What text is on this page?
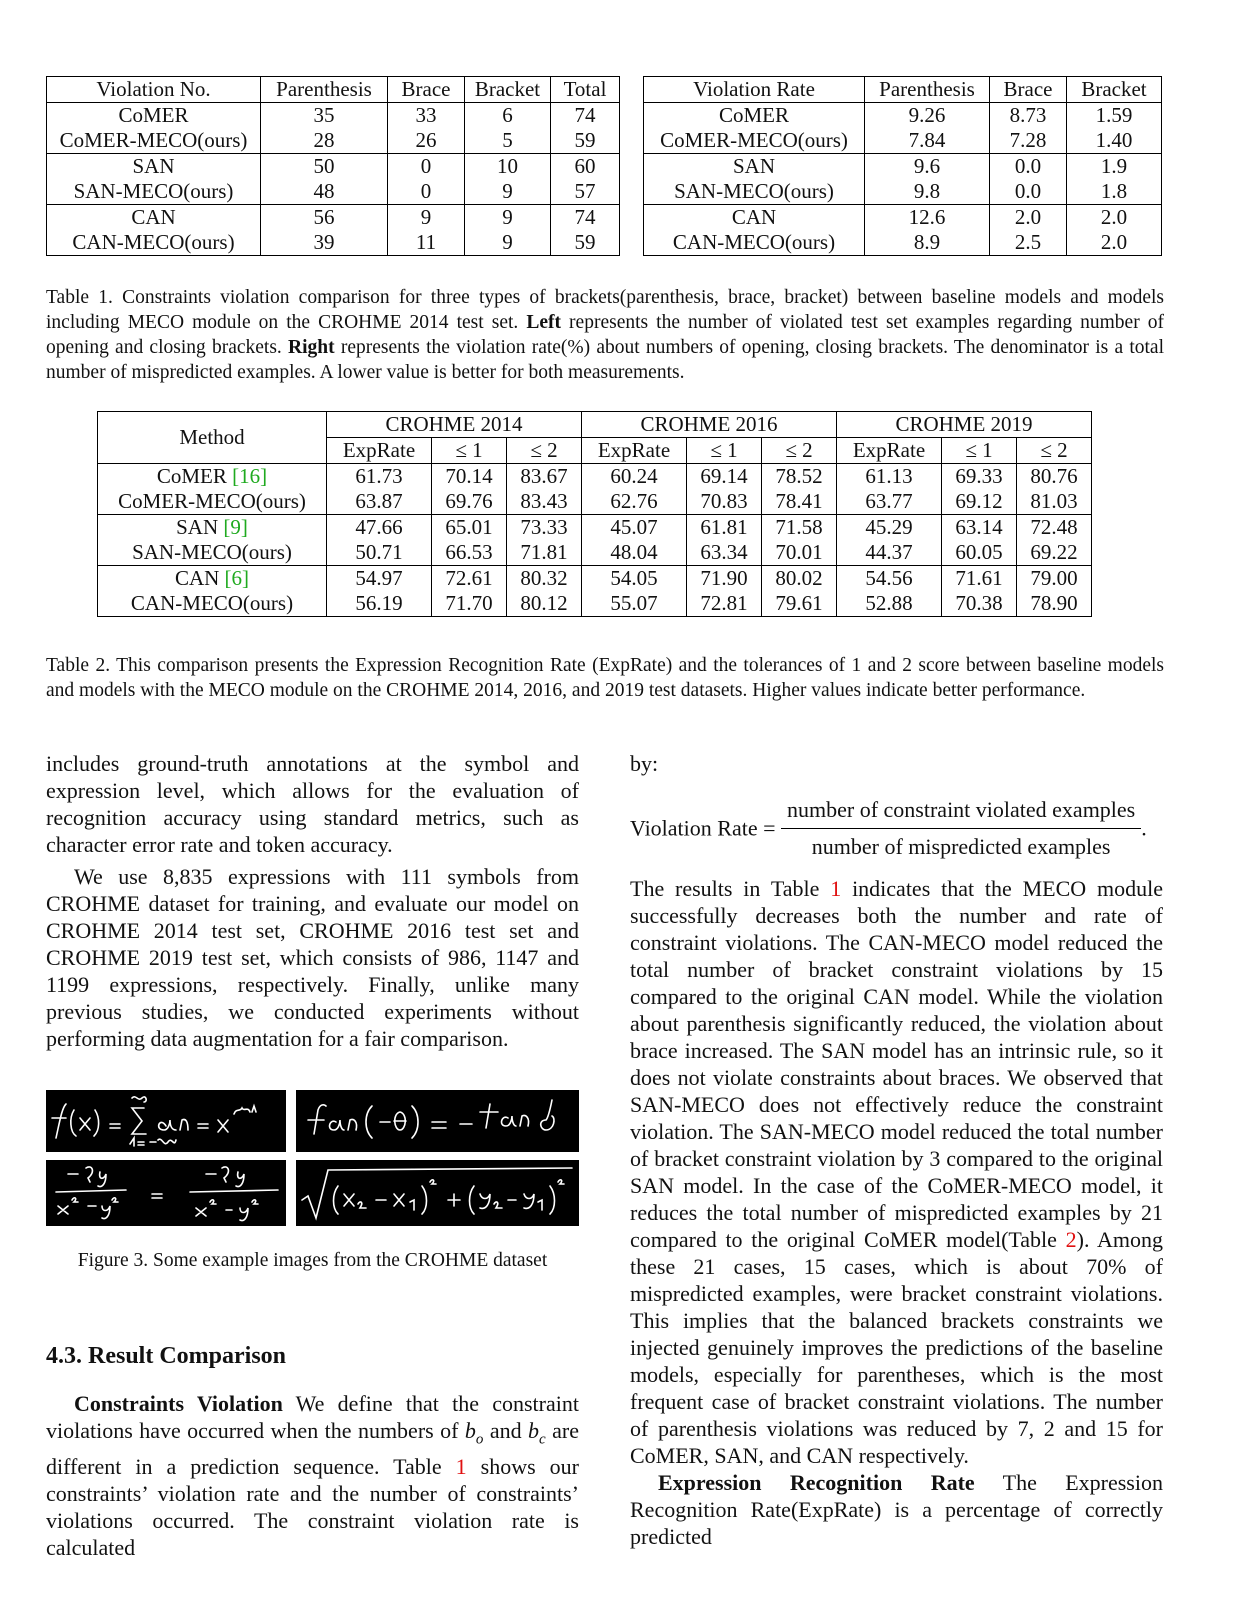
Violation No.	Parenthesis	Brace	Bracket	Total
CoMER	35	33	6	74
CoMER-MECO(ours)	28	26	5	59
SAN	50	0	10	60
SAN-MECO(ours)	48	0	9	57
CAN	56	9	9	74
CAN-MECO(ours)	39	11	9	59
Violation Rate	Parenthesis	Brace	Bracket
CoMER	9.26	8.73	1.59
CoMER-MECO(ours)	7.84	7.28	1.40
SAN	9.6	0.0	1.9
SAN-MECO(ours)	9.8	0.0	1.8
CAN	12.6	2.0	2.0
CAN-MECO(ours)	8.9	2.5	2.0
Table 1. Constraints violation comparison for three types of brackets(parenthesis, brace, bracket) between baseline models and models including MECO module on the CROHME 2014 test set. Left represents the number of violated test set examples regarding number of opening and closing brackets. Right represents the violation rate(%) about numbers of opening, closing brackets. The denominator is a total number of mispredicted examples. A lower value is better for both measurements.
Method	CROHME 2014			CROHME 2016			CROHME 2019		
	ExpRate	≤ 1	≤ 2	ExpRate	≤ 1	≤ 2	ExpRate	≤ 1	≤ 2
CoMER [16]	61.73	70.14	83.67	60.24	69.14	78.52	61.13	69.33	80.76
CoMER-MECO(ours)	63.87	69.76	83.43	62.76	70.83	78.41	63.77	69.12	81.03
SAN [9]	47.66	65.01	73.33	45.07	61.81	71.58	45.29	63.14	72.48
SAN-MECO(ours)	50.71	66.53	71.81	48.04	63.34	70.01	44.37	60.05	69.22
CAN [6]	54.97	72.61	80.32	54.05	71.90	80.02	54.56	71.61	79.00
CAN-MECO(ours)	56.19	71.70	80.12	55.07	72.81	79.61	52.88	70.38	78.90
Table 2. This comparison presents the Expression Recognition Rate (ExpRate) and the tolerances of 1 and 2 score between baseline models and models with the MECO module on the CROHME 2014, 2016, and 2019 test datasets. Higher values indicate better performance.

includes ground-truth annotations at the symbol and expression level, which allows for the evaluation of recognition accuracy using standard metrics, such as character error rate and token accuracy.

We use 8,835 expressions with 111 symbols from CROHME dataset for training, and evaluate our model on CROHME 2014 test set, CROHME 2016 test set and CROHME 2019 test set, which consists of 986, 1147 and 1199 expressions, respectively. Finally, unlike many previous studies, we conducted experiments without performing data augmentation for a fair comparison.

Figure 3. Some example images from the CROHME dataset
4.3. Result Comparison

Constraints Violation We define that the constraint violations have occurred when the numbers of $b_o$ and $b_c$ are different in a prediction sequence. Table 1 shows our constraints’ violation rate and the number of constraints’ violations occurred. The constraint violation rate is calculated

by:
Violation Rate = $\frac{\text{number of constraint violated examples}}{\text{number of mispredicted examples}}$ .

The results in Table 1 indicates that the MECO module successfully decreases both the number and rate of constraint violations. The CAN-MECO model reduced the total number of bracket constraint violations by 15 compared to the original CAN model. While the violation about parenthesis significantly reduced, the violation about brace increased. The SAN model has an intrinsic rule, so it does not violate constraints about braces. We observed that SAN-MECO does not effectively reduce the constraint violation. The SAN-MECO model reduced the total number of bracket constraint violation by 3 compared to the original SAN model. In the case of the CoMER-MECO model, it reduces the total number of mispredicted examples by 21 compared to the original CoMER model(Table 2). Among these 21 cases, 15 cases, which is about 70% of mispredicted examples, were bracket constraint violations. This implies that the balanced brackets constraints we injected genuinely improves the predictions of the baseline models, especially for parentheses, which is the most frequent case of bracket constraint violations. The number of parenthesis violations was reduced by 7, 2 and 15 for CoMER, SAN, and CAN respectively.

Expression Recognition Rate The Expression Recognition Rate(ExpRate) is a percentage of correctly predicted
